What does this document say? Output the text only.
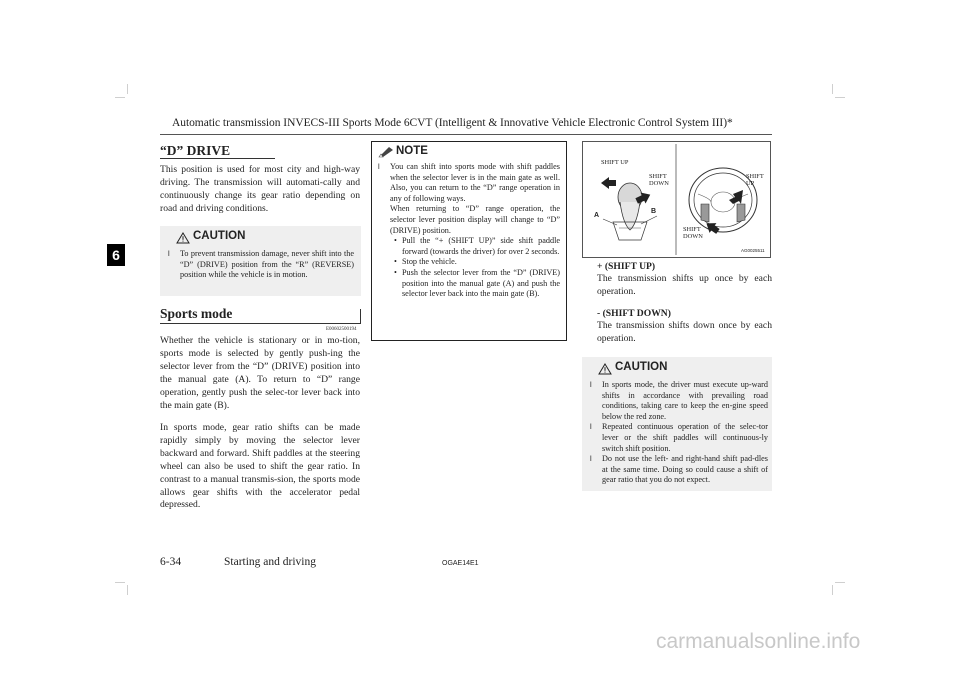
Automatic transmission INVECS-III Sports Mode 6CVT (Intelligent & Innovative Vehicle Electronic Control System III)*
6
“D” DRIVE
This position is used for most city and high-way driving. The transmission will automati-cally and continuously change its gear ratio depending on road and driving conditions.
CAUTION
l To prevent transmission damage, never shift into the “D” (DRIVE) position from the “R” (REVERSE) position while the vehicle is in motion.
Sports mode
E00602500194
Whether the vehicle is stationary or in mo-tion, sports mode is selected by gently push-ing the selector lever from the “D” (DRIVE) position into the manual gate (A). To return to “D” range operation, gently push the selec-tor lever back into the main gate (B).
In sports mode, gear ratio shifts can be made rapidly simply by moving the selector lever backward and forward. Shift paddles at the steering wheel can also be used to shift the gear ratio. In contrast to a manual transmis-sion, the sports mode allows gear shifts with the accelerator pedal depressed.
NOTE
l You can shift into sports mode with shift paddles when the selector lever is in the main gate as well. Also, you can return to the “D” range operation in any of following ways.
When returning to “D” range operation, the selector lever position display will change to “D” (DRIVE) position.
• Pull the “+ (SHIFT UP)” side shift paddle forward (towards the driver) for over 2 seconds.
• Stop the vehicle.
• Push the selector lever from the “D” (DRIVE) position into the manual gate (A) and push the selector lever back into the main gate (B).
SHIFT UP
SHIFT DOWN
SHIFT UP
SHIFT DOWN
A
B
AG0025511
+ (SHIFT UP)
The transmission shifts up once by each operation.
- (SHIFT DOWN)
The transmission shifts down once by each operation.
CAUTION
l In sports mode, the driver must execute up-ward shifts in accordance with prevailing road conditions, taking care to keep the en-gine speed below the red zone.
l Repeated continuous operation of the selec-tor lever or the shift paddles will continuous-ly switch shift position.
l Do not use the left- and right-hand shift pad-dles at the same time. Doing so could cause a shift of gear ratio that you do not expect.
6-34	Starting and driving	OGAE14E1
carmanualsonline.info
